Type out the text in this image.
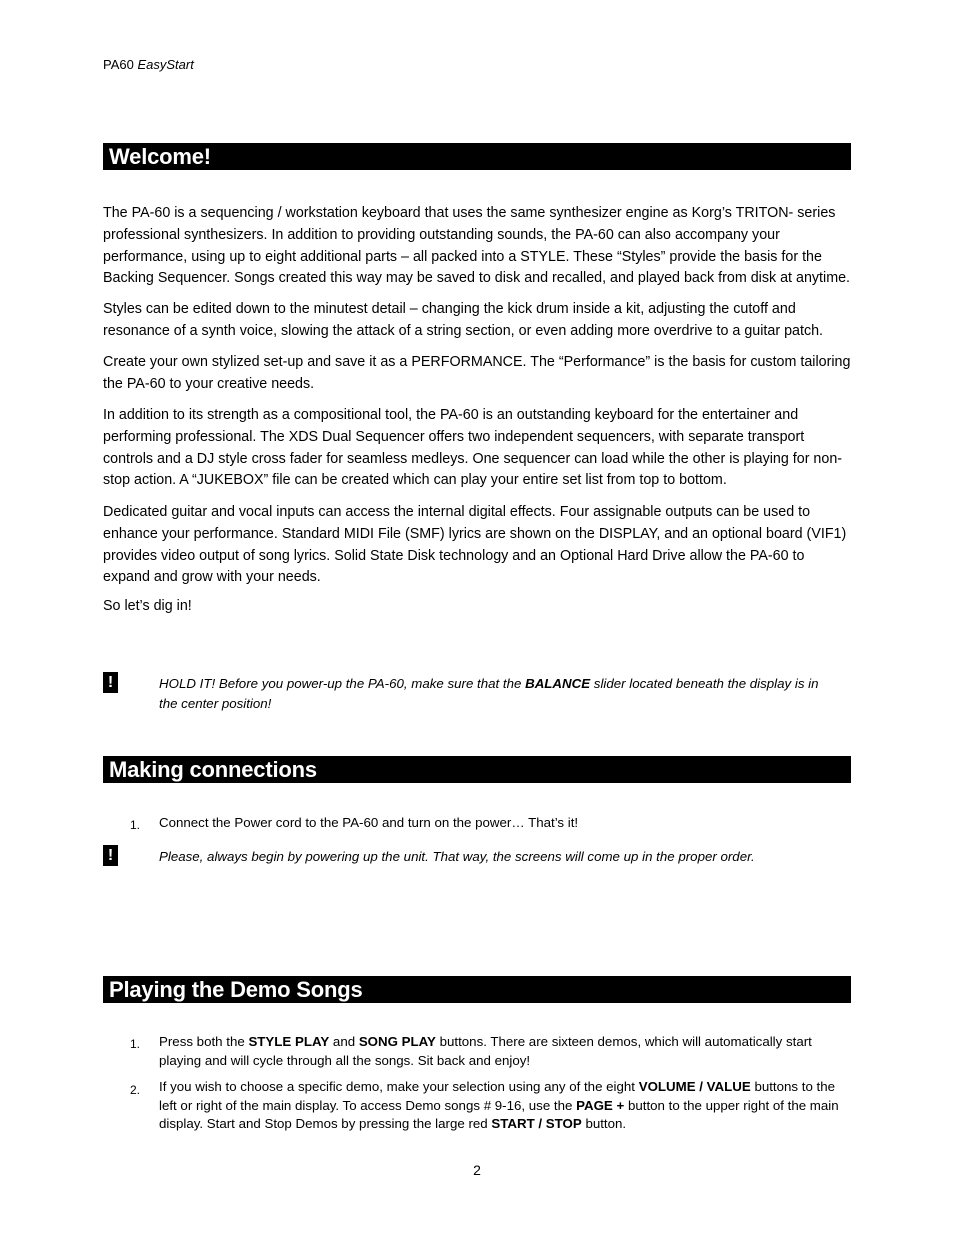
PA60 EasyStart
Welcome!
The PA-60 is a sequencing / workstation keyboard that uses the same synthesizer engine as Korg’s TRITON- series professional synthesizers. In addition to providing outstanding sounds, the PA-60 can also accompany your performance, using up to eight additional parts – all packed into a STYLE. These “Styles” provide the basis for the Backing Sequencer. Songs created this way may be saved to disk and recalled, and played back from disk at anytime.
Styles can be edited down to the minutest detail – changing the kick drum inside a kit, adjusting the cutoff and resonance of a synth voice, slowing the attack of a string section, or even adding more overdrive to a guitar patch.
Create your own stylized set-up and save it as a PERFORMANCE. The “Performance” is the basis for custom tailoring the PA-60 to your creative needs.
In addition to its strength as a compositional tool, the PA-60 is an outstanding keyboard for the entertainer and performing professional. The XDS Dual Sequencer offers two independent sequencers, with separate transport controls and a DJ style cross fader for seamless medleys. One sequencer can load while the other is playing for non-stop action. A “JUKEBOX” file can be created which can play your entire set list from top to bottom.
Dedicated guitar and vocal inputs can access the internal digital effects. Four assignable outputs can be used to enhance your performance. Standard MIDI File (SMF) lyrics are shown on the DISPLAY, and an optional board (VIF1) provides video output of song lyrics. Solid State Disk technology and an Optional Hard Drive allow the PA-60 to expand and grow with your needs.
So let’s dig in!
!	HOLD IT! Before you power-up the PA-60, make sure that the BALANCE slider located beneath the display is in the center position!
Making connections
1. Connect the Power cord to the PA-60 and turn on the power… That’s it!
!	Please, always begin by powering up the unit. That way, the screens will come up in the proper order.
Playing the Demo Songs
1. Press both the STYLE PLAY and SONG PLAY buttons. There are sixteen demos, which will automatically start playing and will cycle through all the songs. Sit back and enjoy!
2. If you wish to choose a specific demo, make your selection using any of the eight VOLUME / VALUE buttons to the left or right of the main display. To access Demo songs # 9-16, use the PAGE + button to the upper right of the main display. Start and Stop Demos by pressing the large red START / STOP button.
2
